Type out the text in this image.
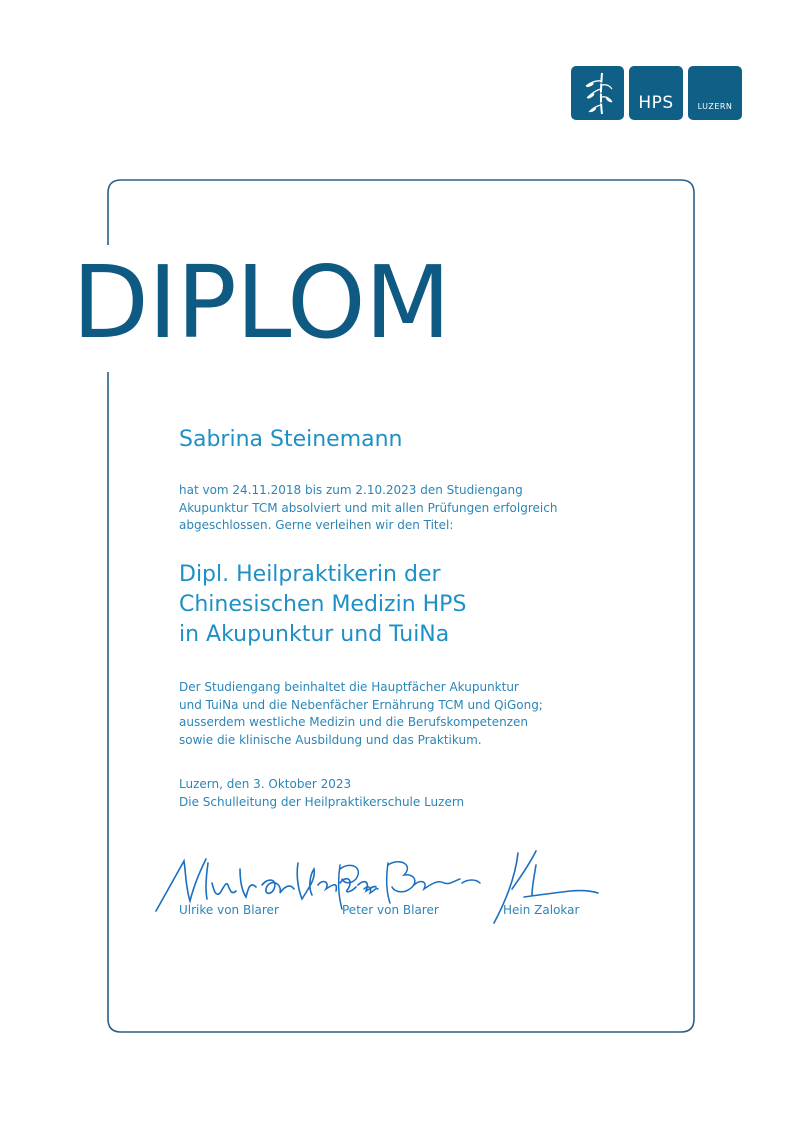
HPS	LUZERN
DIPLOM
Sabrina Steinemann
hat vom 24.11.2018 bis zum 2.10.2023 den Studiengang
Akupunktur TCM absolviert und mit allen Prüfungen erfolgreich
abgeschlossen. Gerne verleihen wir den Titel:
Dipl. Heilpraktikerin der
Chinesischen Medizin HPS
in Akupunktur und TuiNa
Der Studiengang beinhaltet die Hauptfächer Akupunktur
und TuiNa und die Nebenfächer Ernährung TCM und QiGong;
ausserdem westliche Medizin und die Berufskompetenzen
sowie die klinische Ausbildung und das Praktikum.
Luzern, den 3. Oktober 2023
Die Schulleitung der Heilpraktikerschule Luzern
Ulrike von Blarer	Peter von Blarer	Hein Zalokar
